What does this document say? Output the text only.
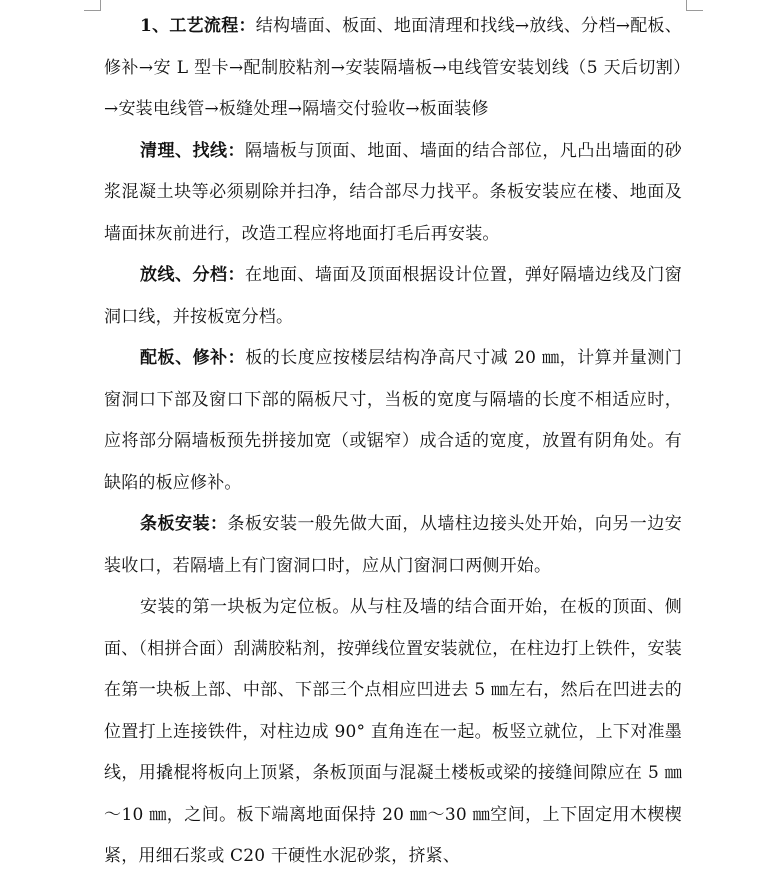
1、工艺流程：结构墙面、板面、地面清理和找线→放线、分档→配板、修补→安 L 型卡→配制胶粘剂→安装隔墙板→电线管安装划线（5 天后切割）→安装电线管→板缝处理→隔墙交付验收→板面装修

清理、找线：隔墙板与顶面、地面、墙面的结合部位，凡凸出墙面的砂浆混凝土块等必须剔除并扫净，结合部尽力找平。条板安装应在楼、地面及墙面抹灰前进行，改造工程应将地面打毛后再安装。

放线、分档：在地面、墙面及顶面根据设计位置，弹好隔墙边线及门窗洞口线，并按板宽分档。

配板、修补：板的长度应按楼层结构净高尺寸减 20 ㎜，计算并量测门窗洞口下部及窗口下部的隔板尺寸，当板的宽度与隔墙的长度不相适应时，应将部分隔墙板预先拼接加宽（或锯窄）成合适的宽度，放置有阴角处。有缺陷的板应修补。

条板安装：条板安装一般先做大面，从墙柱边接头处开始，向另一边安装收口，若隔墙上有门窗洞口时，应从门窗洞口两侧开始。

安装的第一块板为定位板。从与柱及墙的结合面开始，在板的顶面、侧面、（相拼合面）刮满胶粘剂，按弹线位置安装就位，在柱边打上铁件，安装在第一块板上部、中部、下部三个点相应凹进去 5 ㎜左右，然后在凹进去的位置打上连接铁件，对柱边成 90° 直角连在一起。板竖立就位，上下对准墨线，用撬棍将板向上顶紧，条板顶面与混凝土楼板或梁的接缝间隙应在 5 ㎜～10 ㎜，之间。板下端离地面保持 20 ㎜～30 ㎜空间，上下固定用木楔楔紧，用细石浆或 C20 干硬性水泥砂浆，挤紧、
